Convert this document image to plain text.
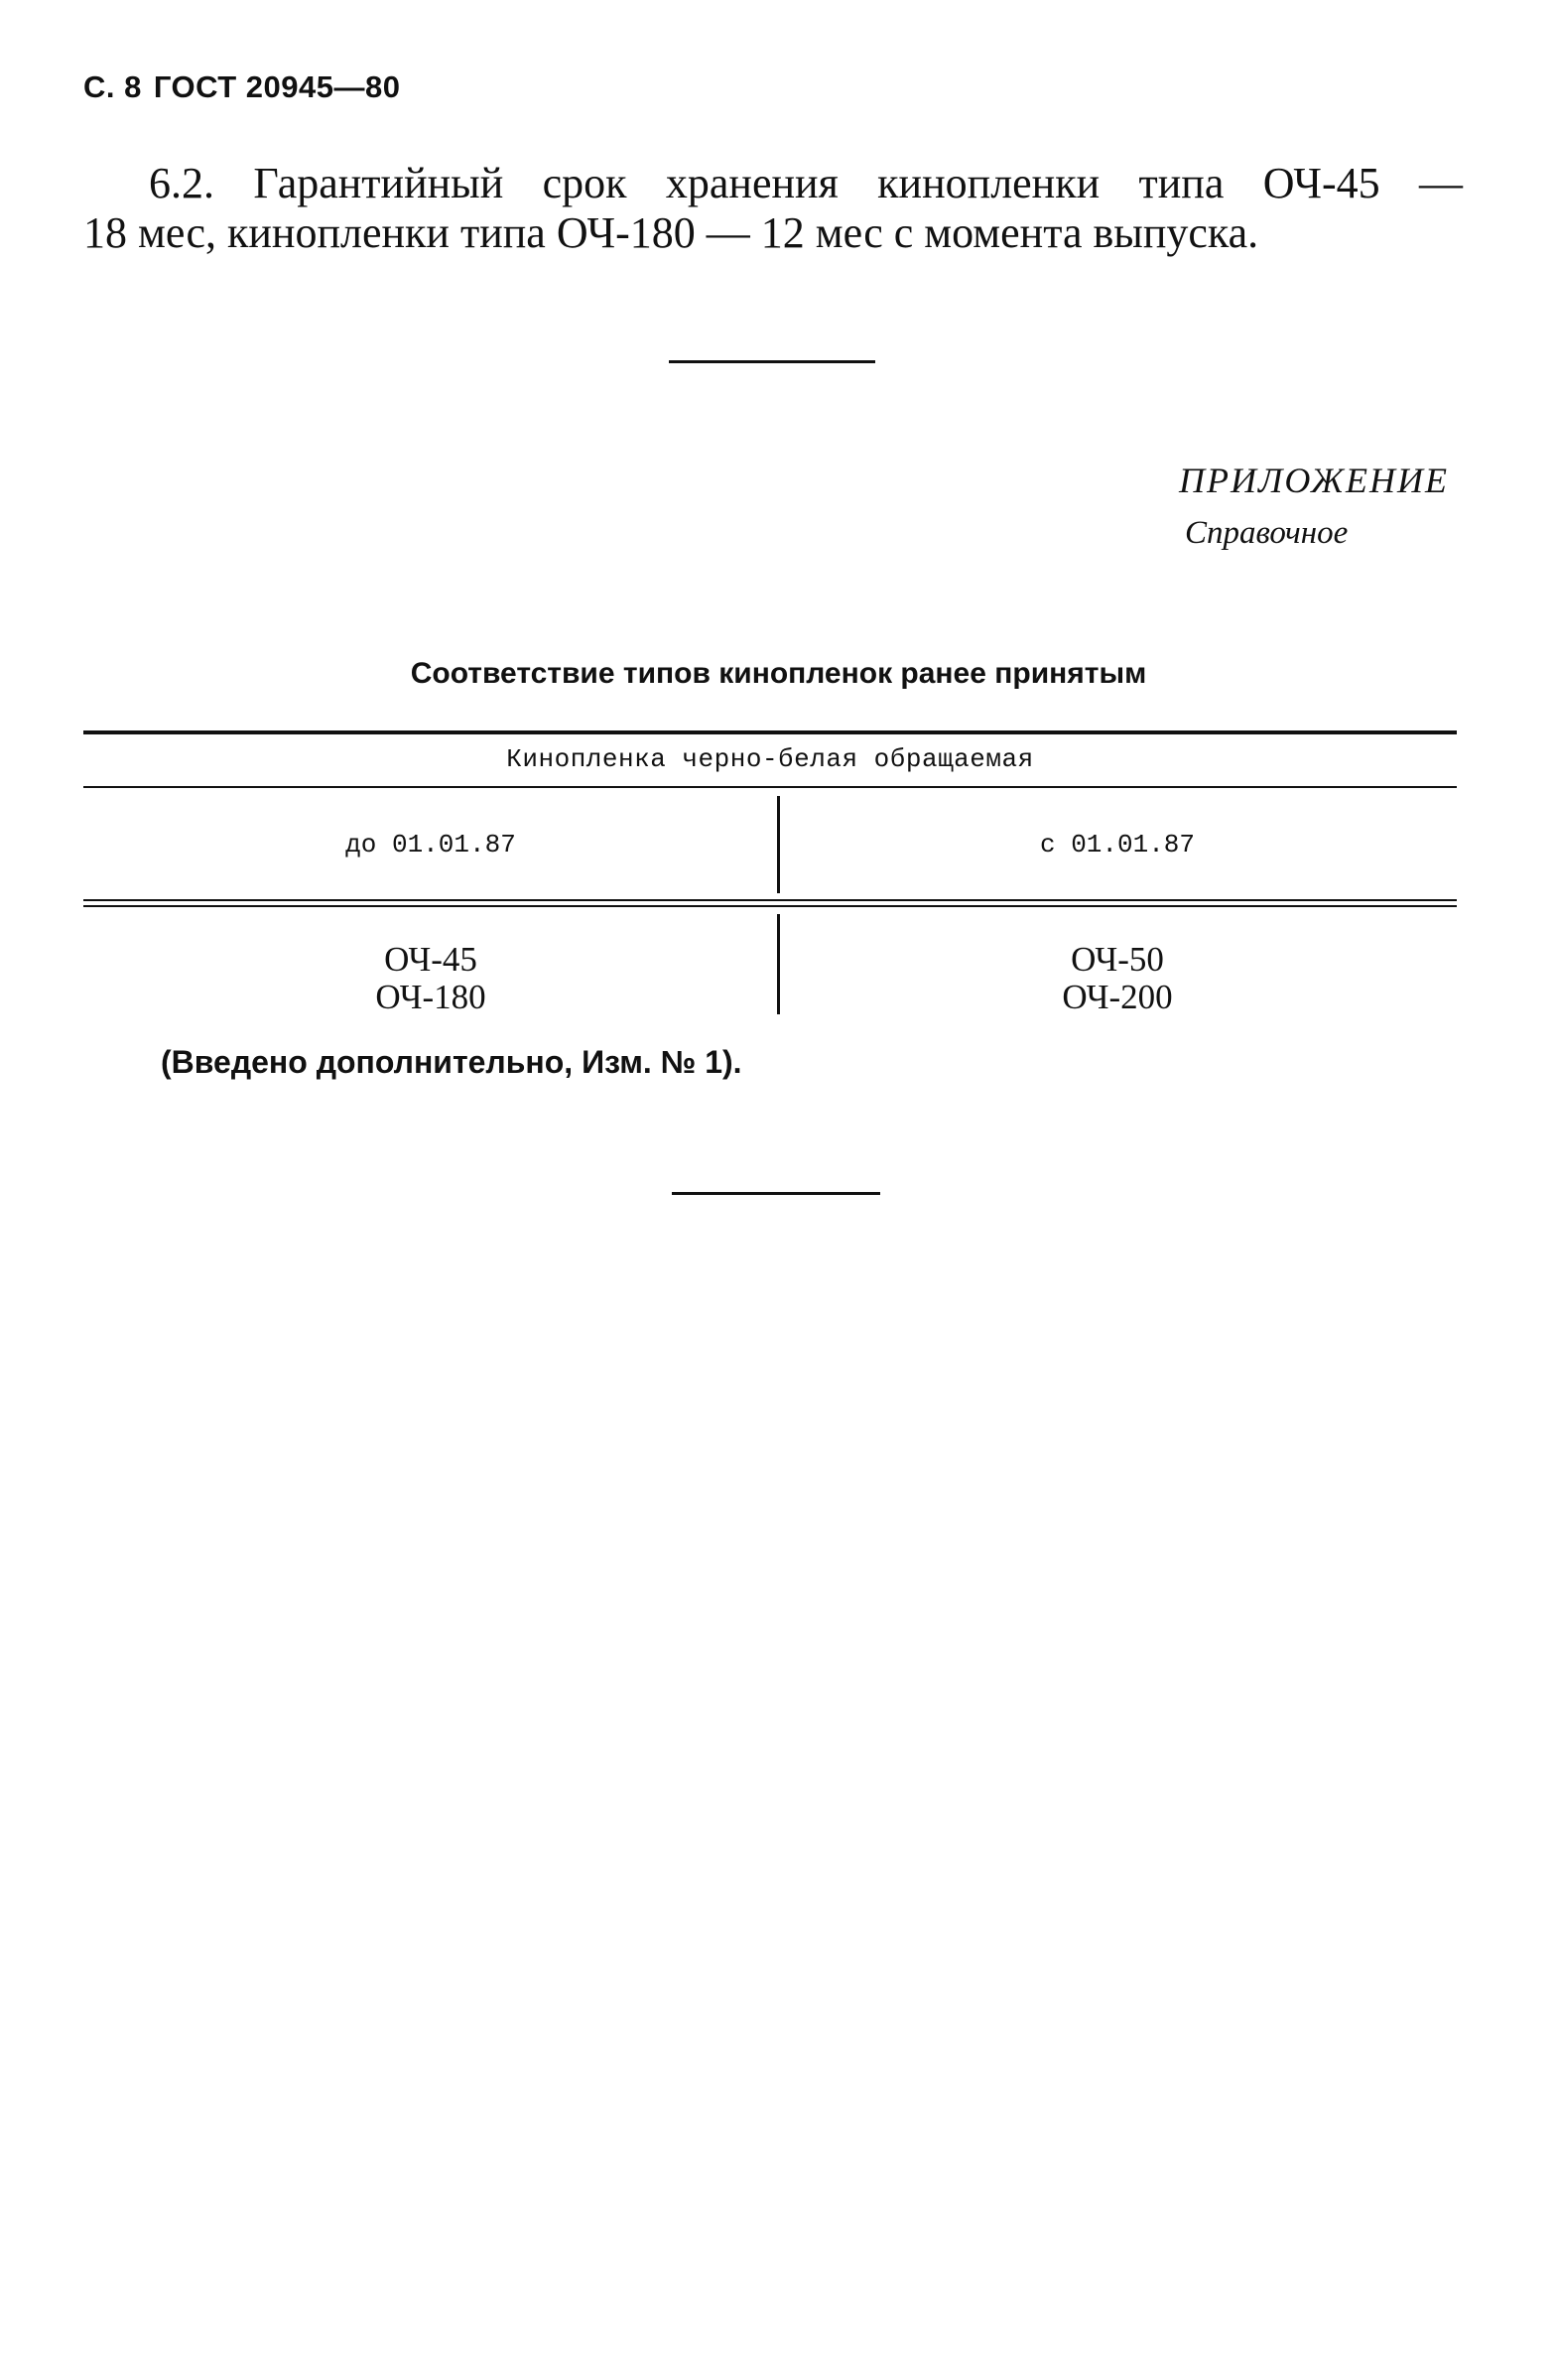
С. 8 ГОСТ 20945—80
6.2. Гарантийный срок хранения кинопленки типа ОЧ-45 —
18 мес, кинопленки типа ОЧ-180 — 12 мес с момента выпуска.
ПРИЛОЖЕНИЕ
Справочное
Соответствие типов кинопленок ранее принятым
Кинопленка черно-белая обращаемая
до 01.01.87	с 01.01.87
ОЧ-45
ОЧ-180
ОЧ-50
ОЧ-200
(Введено дополнительно, Изм. № 1).
